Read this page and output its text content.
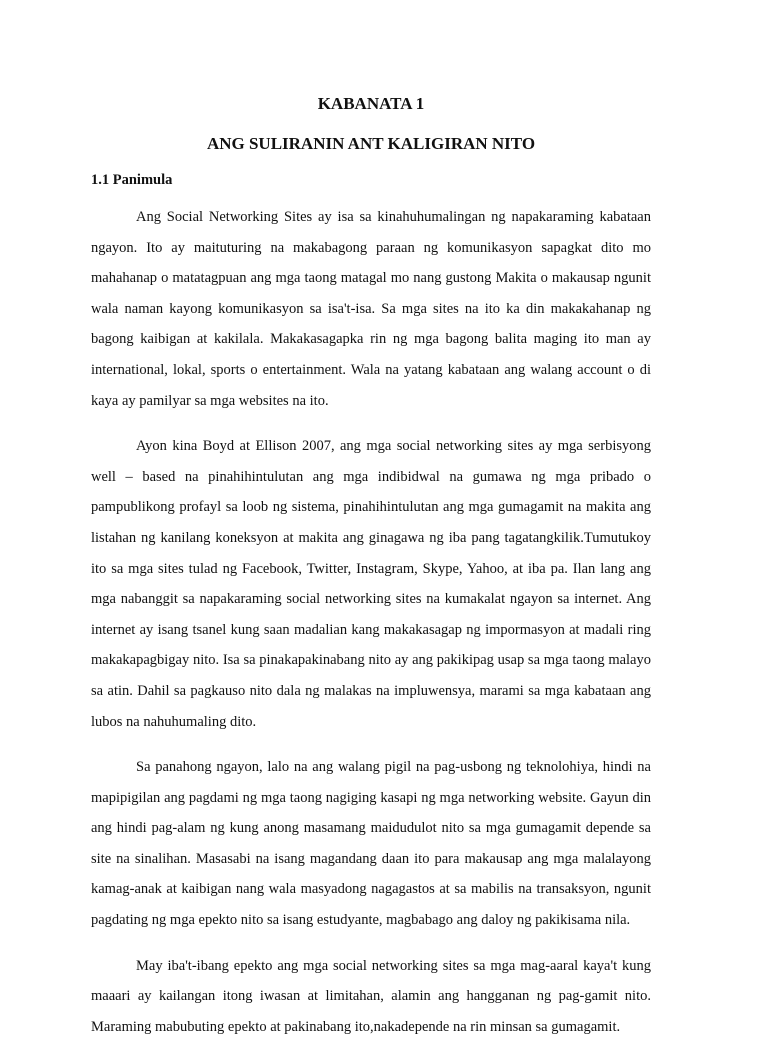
KABANATA 1
ANG SULIRANIN ANT KALIGIRAN NITO
1.1 Panimula

Ang Social Networking Sites ay isa sa kinahuhumalingan ng napakaraming kabataan ngayon. Ito ay maituturing na makabagong paraan ng komunikasyon sapagkat dito mo mahahanap o matatagpuan ang mga taong matagal mo nang gustong Makita o makausap ngunit wala naman kayong komunikasyon sa isa't-isa. Sa mga sites na ito ka din makakahanap ng bagong kaibigan at kakilala. Makakasagapka rin ng mga bagong balita maging ito man ay international, lokal, sports o entertainment. Wala na yatang kabataan ang walang account o di kaya ay pamilyar sa mga websites na ito.

Ayon kina Boyd at Ellison 2007, ang mga social networking sites ay mga serbisyong well – based na pinahihintulutan ang mga indibidwal na gumawa ng mga pribado o pampublikong profayl sa loob ng sistema, pinahihintulutan ang mga gumagamit na makita ang listahan ng kanilang koneksyon at makita ang ginagawa ng iba pang tagatangkilik.Tumutukoy ito sa mga sites tulad ng Facebook, Twitter, Instagram, Skype, Yahoo, at iba pa. Ilan lang ang mga nabanggit sa napakaraming social networking sites na kumakalat ngayon sa internet. Ang internet ay isang tsanel kung saan madalian kang makakasagap ng impormasyon at madali ring makakapagbigay nito. Isa sa pinakapakinabang nito ay ang pakikipag usap sa mga taong malayo sa atin. Dahil sa pagkauso nito dala ng malakas na impluwensya, marami sa mga kabataan ang lubos na nahuhumaling dito.

Sa panahong ngayon, lalo na ang walang pigil na pag-usbong ng teknolohiya, hindi na mapipigilan ang pagdami ng mga taong nagiging kasapi ng mga networking website. Gayun din ang hindi pag-alam ng kung anong masamang maidudulot nito sa mga gumagamit depende sa site na sinalihan. Masasabi na isang magandang daan ito para makausap ang mga malalayong kamag-anak at kaibigan nang wala masyadong nagagastos at sa mabilis na transaksyon, ngunit pagdating ng mga epekto nito sa isang estudyante, magbabago ang daloy ng pakikisama nila.

May iba't-ibang epekto ang mga social networking sites sa mga mag-aaral kaya't kung maaari ay kailangan itong iwasan at limitahan, alamin ang hangganan ng pag-gamit nito. Maraming mabubuting epekto at pakinabang ito,nakadepende na rin minsan sa gumagamit.
